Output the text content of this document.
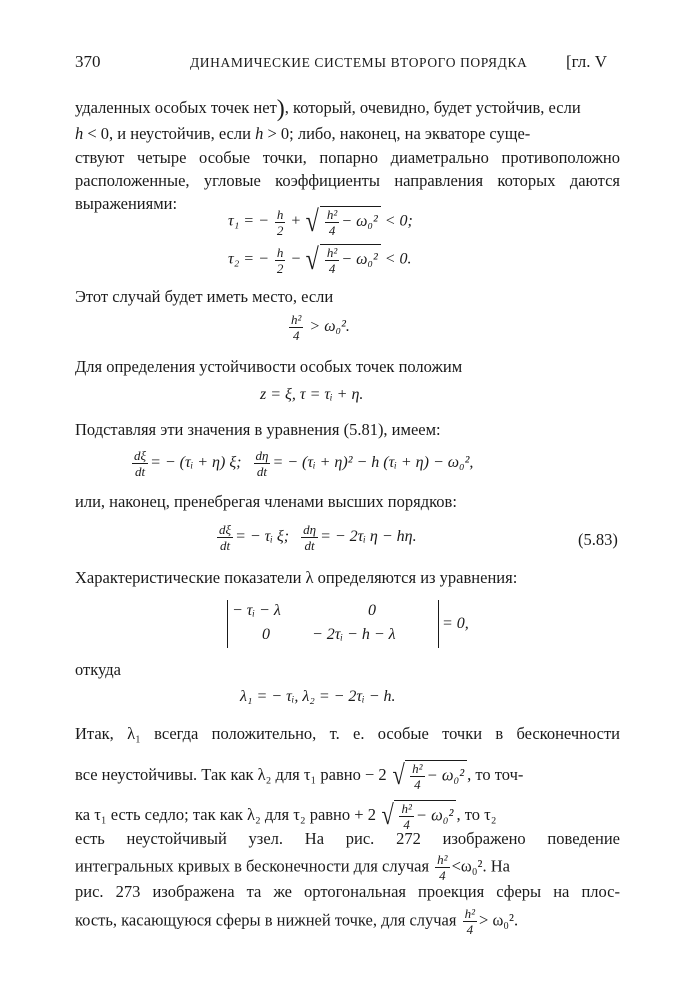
370	ДИНАМИЧЕСКИЕ СИСТЕМЫ ВТОРОГО ПОРЯДКА [гл. V
удаленных особых точек нет), который, очевидно, будет устойчив, если
h < 0, и неустойчив, если h > 0; либо, наконец, на экваторе суще-
ствуют четыре особые точки, попарно диаметрально противоположно
расположенные, угловые коэффициенты направления которых даются
выражениями:
τ₁ = − $\frac{h}{2}$ + √ $\frac{\text{h²}}{4} - \omega_0^2 < 0$;
τ₂ = − $\frac{h}{2}$ − √ $\frac{\text{h²}}{4} - \omega_0^2 < 0$.
Этот случай будет иметь место, если
$\frac{\text{h²}}{4} > \omega_0^2$.
Для определения устойчивости особых точек положим
z = ξ, τ = τᵢ + η.
Подставляя эти значения в уравнения (5.81), имеем:
$\frac{d\xi}{dt}$ = − (τᵢ + η) ξ; $\frac{d\eta}{dt}$ = − (τᵢ + η)² − h (τᵢ + η) − ω₀²,
или, наконец, пренебрегая членами высших порядков:
$\frac{d\xi}{dt}$ = − τᵢ ξ; $\frac{d\eta}{dt}$ = − 2τᵢ η − hη.	(5.83)
Характеристические показатели λ определяются из уравнения:
− τᵢ − λ	0
0	− 2τᵢ − h − λ
= 0,
откуда
λ₁ = − τᵢ, λ₂ = − 2τᵢ − h.
Итак, λ₁ всегда положительно, т. е. особые точки в бесконечности
все неустойчивы. Так как λ₂ для τ₁ равно − 2 √ $\frac{\text{h²}}{4} - \omega_0^2$ , то точ-
ка τ₁ есть седло; так как λ₂ для τ₂ равно + 2 √ $\frac{\text{h²}}{4} - \omega_0^2$ , то τ₂
есть неустойчивый узел. На рис. 272 изображено поведение
интегральных кривых в бесконечности для случая $\frac{\text{h²}}{4} <\omega_0^2$. На
рис. 273 изображена та же ортогональная проекция сферы на плос-
кость, касающуюся сферы в нижней точке, для случая $\frac{\text{h²}}{4} > \omega_0^2$.
